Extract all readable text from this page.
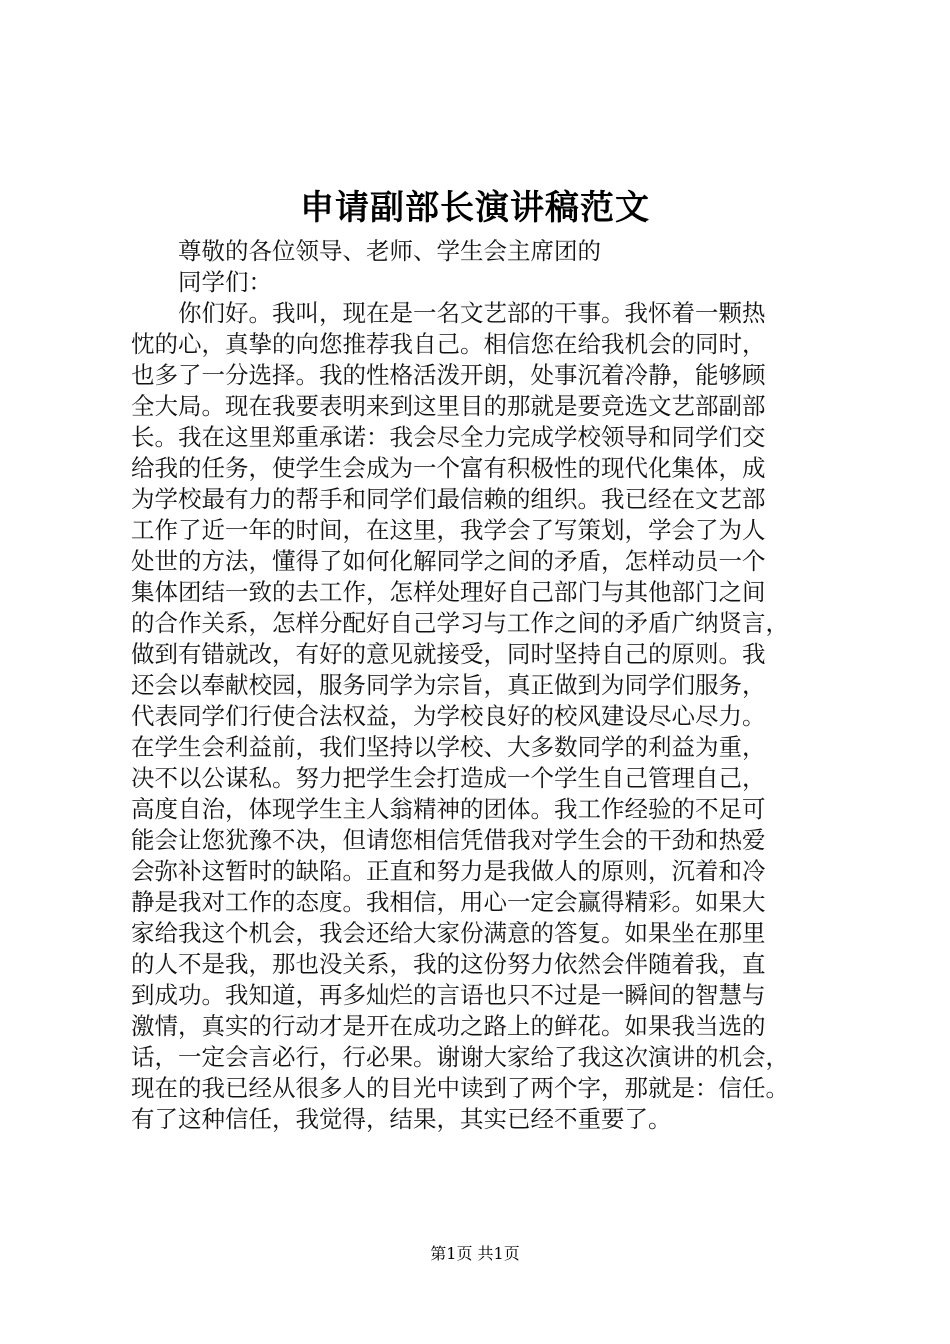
申请副部长演讲稿范文
尊敬的各位领导、老师、学生会主席团的
同学们：
你们好。我叫，现在是一名文艺部的干事。我怀着一颗热
忱的心，真挚的向您推荐我自己。相信您在给我机会的同时，
也多了一分选择。我的性格活泼开朗，处事沉着冷静，能够顾
全大局。现在我要表明来到这里目的那就是要竞选文艺部副部
长。我在这里郑重承诺：我会尽全力完成学校领导和同学们交
给我的任务，使学生会成为一个富有积极性的现代化集体，成
为学校最有力的帮手和同学们最信赖的组织。我已经在文艺部
工作了近一年的时间，在这里，我学会了写策划，学会了为人
处世的方法，懂得了如何化解同学之间的矛盾，怎样动员一个
集体团结一致的去工作，怎样处理好自己部门与其他部门之间
的合作关系，怎样分配好自己学习与工作之间的矛盾广纳贤言，
做到有错就改，有好的意见就接受，同时坚持自己的原则。我
还会以奉献校园，服务同学为宗旨，真正做到为同学们服务，
代表同学们行使合法权益，为学校良好的校风建设尽心尽力。
在学生会利益前，我们坚持以学校、大多数同学的利益为重，
决不以公谋私。努力把学生会打造成一个学生自己管理自己，
高度自治，体现学生主人翁精神的团体。我工作经验的不足可
能会让您犹豫不决，但请您相信凭借我对学生会的干劲和热爱
会弥补这暂时的缺陷。正直和努力是我做人的原则，沉着和冷
静是我对工作的态度。我相信，用心一定会赢得精彩。如果大
家给我这个机会，我会还给大家份满意的答复。如果坐在那里
的人不是我，那也没关系，我的这份努力依然会伴随着我，直
到成功。我知道，再多灿烂的言语也只不过是一瞬间的智慧与
激情，真实的行动才是开在成功之路上的鲜花。如果我当选的
话，一定会言必行，行必果。谢谢大家给了我这次演讲的机会，
现在的我已经从很多人的目光中读到了两个字，那就是：信任。
有了这种信任，我觉得，结果，其实已经不重要了。
第1页 共1页
